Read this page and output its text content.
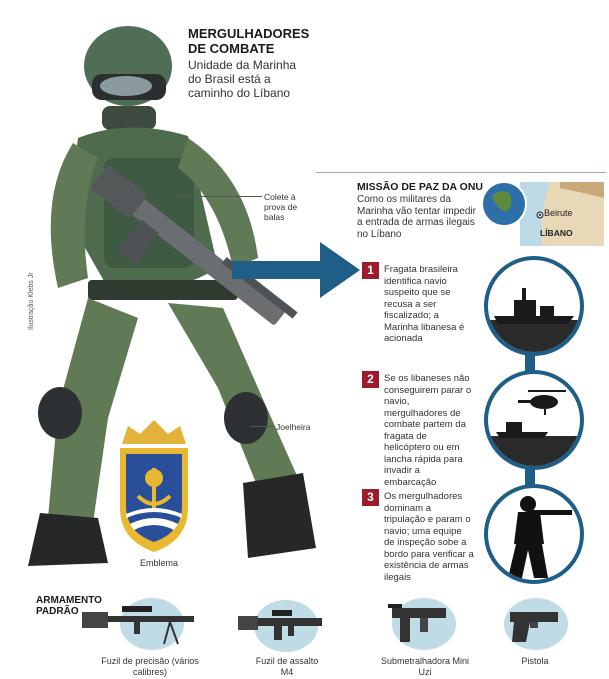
MERGULHADORES
DE COMBATE
Unidade da Marinha do Brasil está a caminho do Líbano
Ilustração Klebs Jr
Colete à prova de balas
Joelheira
Emblema
MISSÃO DE PAZ DA ONU
Como os militares da Marinha vão tentar impedir a entrada de armas ilegais no Líbano
Beirute
LÍBANO
1	Fragata brasileira identifica navio suspeito que se recusa a ser fiscalizado; a Marinha libanesa é acionada
2	Se os libaneses não conseguirem parar o navio, mergulhadores de combate partem da fragata de helicóptero ou em lancha rápida para invadir a embarcação
3	Os mergulhadores dominam a tripulação e param o navio; uma equipe de inspeção sobe a bordo para verificar a existência de armas ilegais
ARMAMENTO
PADRÃO
Fuzil de precisão (vários calibres)
Fuzil de assalto M4
Submetralhadora Mini Uzi
Pistola
